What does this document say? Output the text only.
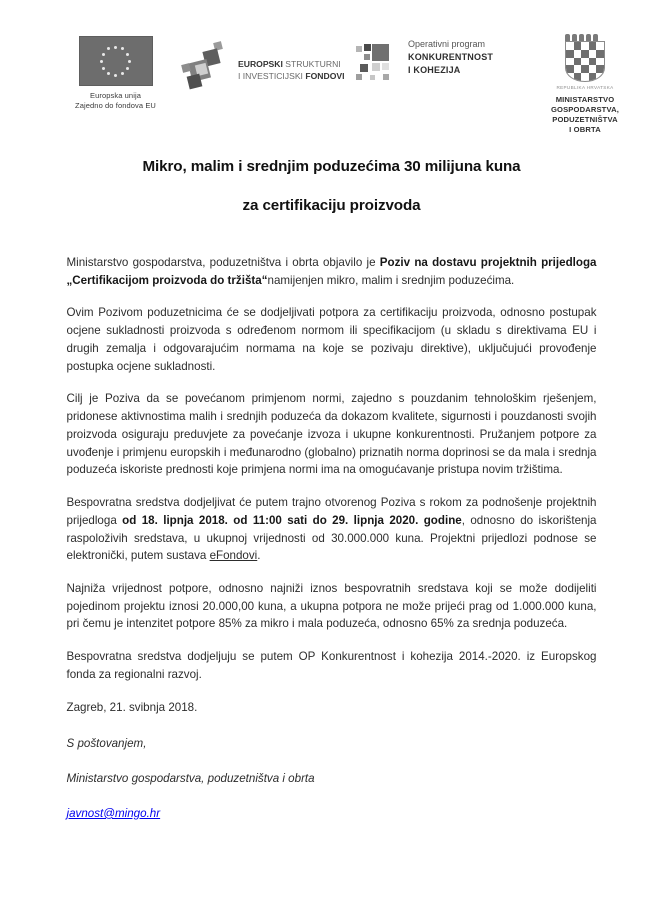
Europska unija
Zajedno do fondova EU
EUROPSKI STRUKTURNI
I INVESTICIJSKI FONDOVI
Operativni program
KONKURENTNOST
I KOHEZIJA
REPUBLIKA HRVATSKA
MINISTARSTVO
GOSPODARSTVA,
PODUZETNIŠTVA
I OBRTA
Mikro, malim i srednjim poduzećima 30 milijuna kuna
za certifikaciju proizvoda

Ministarstvo gospodarstva, poduzetništva i obrta objavilo je Poziv na dostavu projektnih prijedloga „Certifikacijom proizvoda do tržišta“namijenjen mikro, malim i srednjim poduzećima.

Ovim Pozivom poduzetnicima će se dodjeljivati potpora za certifikaciju proizvoda, odnosno postupak ocjene sukladnosti proizvoda s određenom normom ili specifikacijom (u skladu s direktivama EU i drugih zemalja i odgovarajućim normama na koje se pozivaju direktive), uključujući provođenje postupka ocjene sukladnosti.

Cilj je Poziva da se povećanom primjenom normi, zajedno s pouzdanim tehnološkim rješenjem, pridonese aktivnostima malih i srednjih poduzeća da dokazom kvalitete, sigurnosti i pouzdanosti svojih proizvoda osiguraju preduvjete za povećanje izvoza i ukupne konkurentnosti. Pružanjem potpore za uvođenje i primjenu europskih i međunarodno (globalno) priznatih norma doprinosi se da mala i srednja poduzeća iskoriste prednosti koje primjena normi ima na omogućavanje pristupa novim tržištima.

Bespovratna sredstva dodjeljivat će putem trajno otvorenog Poziva s rokom za podnošenje projektnih prijedloga od 18. lipnja 2018. od 11:00 sati do 29. lipnja 2020. godine, odnosno do iskorištenja raspoloživih sredstava, u ukupnoj vrijednosti od 30.000.000 kuna. Projektni prijedlozi podnose se elektronički, putem sustava eFondovi.

Najniža vrijednost potpore, odnosno najniži iznos bespovratnih sredstava koji se može dodijeliti pojedinom projektu iznosi 20.000,00 kuna, a ukupna potpora ne može prijeći prag od 1.000.000 kuna, pri čemu je intenzitet potpore 85% za mikro i mala poduzeća, odnosno 65% za srednja poduzeća.

Bespovratna sredstva dodjeljuju se putem OP Konkurentnost i kohezija 2014.-2020. iz Europskog fonda za regionalni razvoj.

Zagreb, 21. svibnja 2018.

S poštovanjem,

Ministarstvo gospodarstva, poduzetništva i obrta

javnost@mingo.hr
